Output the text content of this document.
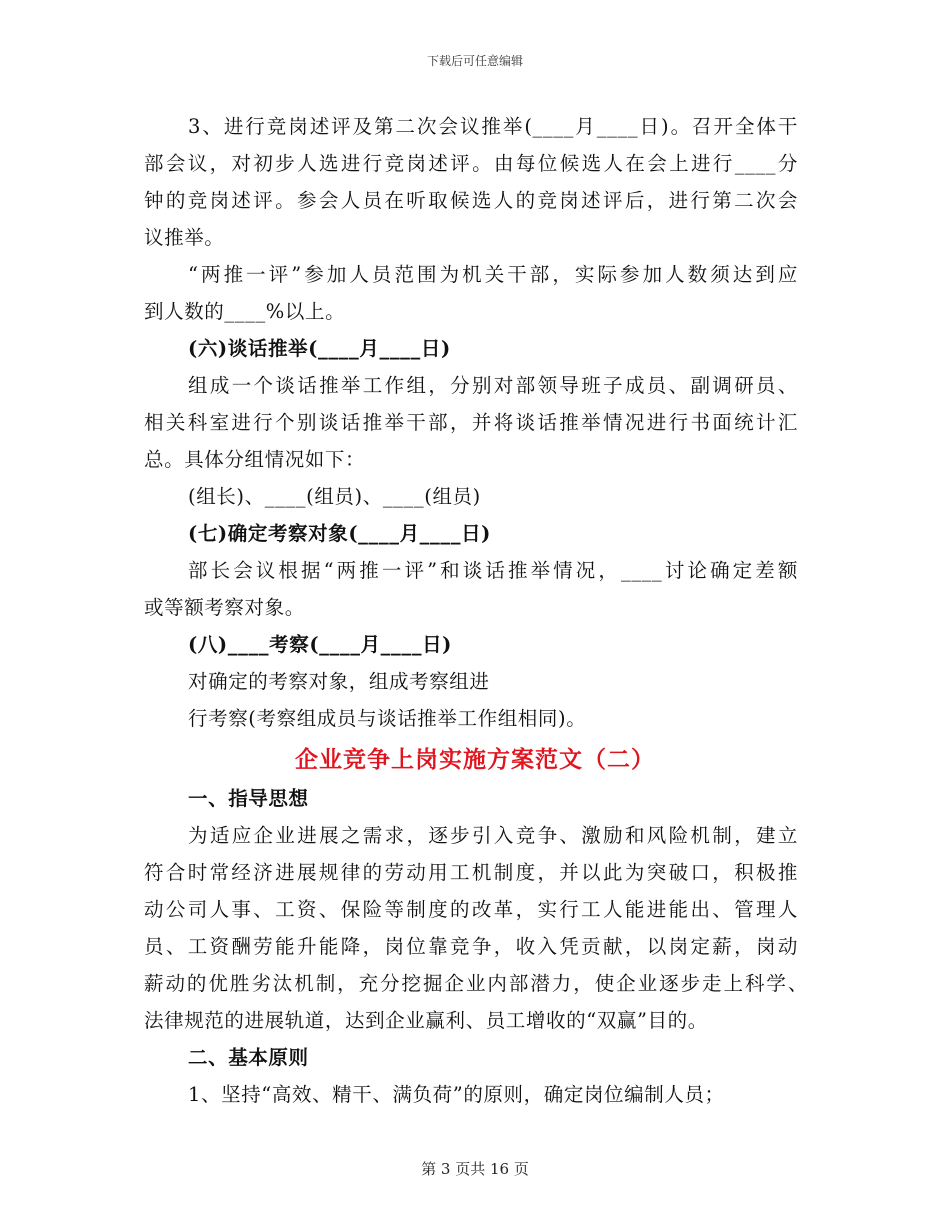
下载后可任意编辑
3、进行竞岗述评及第二次会议推举(____月____日)。召开全体干
部会议，对初步人选进行竞岗述评。由每位候选人在会上进行____分
钟的竞岗述评。参会人员在听取候选人的竞岗述评后，进行第二次会
议推举。
“两推一评”参加人员范围为机关干部，实际参加人数须达到应
到人数的____%以上。
(六)谈话推举(____月____日)
组成一个谈话推举工作组，分别对部领导班子成员、副调研员、
相关科室进行个别谈话推举干部，并将谈话推举情况进行书面统计汇
总。具体分组情况如下：
(组长)、____(组员)、____(组员)
(七)确定考察对象(____月____日)
部长会议根据“两推一评”和谈话推举情况，____讨论确定差额
或等额考察对象。
(八)____考察(____月____日)
对确定的考察对象，组成考察组进
行考察(考察组成员与谈话推举工作组相同)。
企业竞争上岗实施方案范文（二）
一、指导思想
为适应企业进展之需求，逐步引入竞争、激励和风险机制，建立
符合时常经济进展规律的劳动用工机制度，并以此为突破口，积极推
动公司人事、工资、保险等制度的改革，实行工人能进能出、管理人
员、工资酬劳能升能降，岗位靠竞争，收入凭贡献，以岗定薪，岗动
薪动的优胜劣汰机制，充分挖掘企业内部潜力，使企业逐步走上科学、
法律规范的进展轨道，达到企业赢利、员工增收的“双赢”目的。
二、基本原则
1、坚持“高效、精干、满负荷”的原则，确定岗位编制人员；
第 3 页共 16 页
